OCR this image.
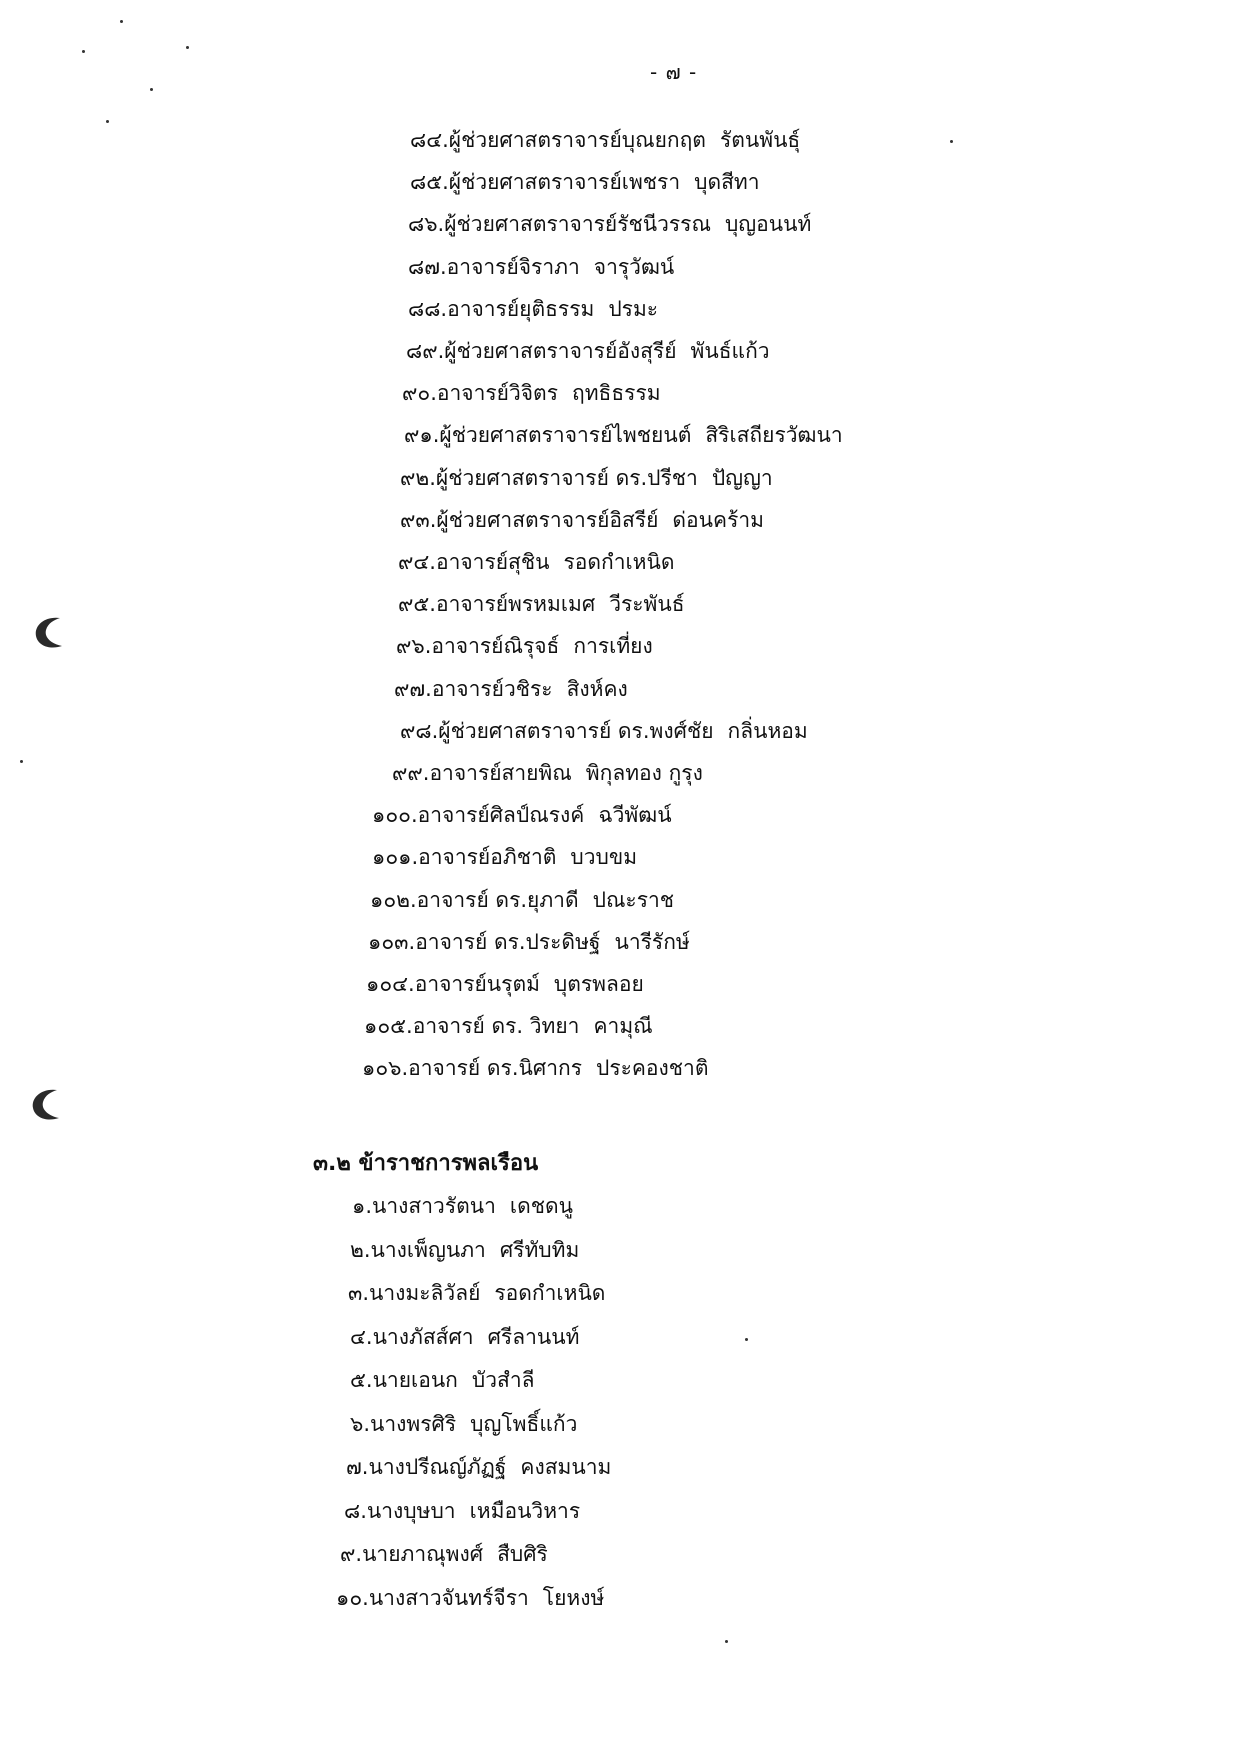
- ๗ -
๘๔.ผู้ช่วยศาสตราจารย์บุณยกฤต รัตนพันธุ์
๘๕.ผู้ช่วยศาสตราจารย์เพชรา บุดสีทา
๘๖.ผู้ช่วยศาสตราจารย์รัชนีวรรณ บุญอนนท์
๘๗.อาจารย์จิราภา จารุวัฒน์
๘๘.อาจารย์ยุติธรรม ปรมะ
๘๙.ผู้ช่วยศาสตราจารย์อังสุรีย์ พันธ์แก้ว
๙๐.อาจารย์วิจิตร ฤทธิธรรม
๙๑.ผู้ช่วยศาสตราจารย์ไพชยนต์ สิริเสถียรวัฒนา
๙๒.ผู้ช่วยศาสตราจารย์ ดร.ปรีชา ปัญญา
๙๓.ผู้ช่วยศาสตราจารย์อิสรีย์ ด่อนคร้าม
๙๔.อาจารย์สุชิน รอดกำเหนิด
๙๕.อาจารย์พรหมเมศ วีระพันธ์
๙๖.อาจารย์ณิรุจธ์ การเที่ยง
๙๗.อาจารย์วชิระ สิงห์คง
๙๘.ผู้ช่วยศาสตราจารย์ ดร.พงศ์ชัย กลิ่นหอม
๙๙.อาจารย์สายพิณ พิกุลทอง กูรุง
๑๐๐.อาจารย์ศิลป์ณรงค์ ฉวีพัฒน์
๑๐๑.อาจารย์อภิชาติ บวบขม
๑๐๒.อาจารย์ ดร.ยุภาดี ปณะราช
๑๐๓.อาจารย์ ดร.ประดิษฐ์ นารีรักษ์
๑๐๔.อาจารย์นรุตม์ บุตรพลอย
๑๐๕.อาจารย์ ดร. วิทยา คามุณี
๑๐๖.อาจารย์ ดร.นิศากร ประคองชาติ
๓.๒ ข้าราชการพลเรือน
๑.นางสาวรัตนา เดชดนู
๒.นางเพ็ญนภา ศรีทับทิม
๓.นางมะลิวัลย์ รอดกำเหนิด
๔.นางภัสส์ศา ศรีลานนท์
๕.นายเอนก บัวสำลี
๖.นางพรศิริ บุญโพธิ์แก้ว
๗.นางปรีณญ์ภัฏฐ์ คงสมนาม
๘.นางบุษบา เหมือนวิหาร
๙.นายภาณุพงศ์ สืบศิริ
๑๐.นางสาวจันทร์จีรา โยหงษ์
